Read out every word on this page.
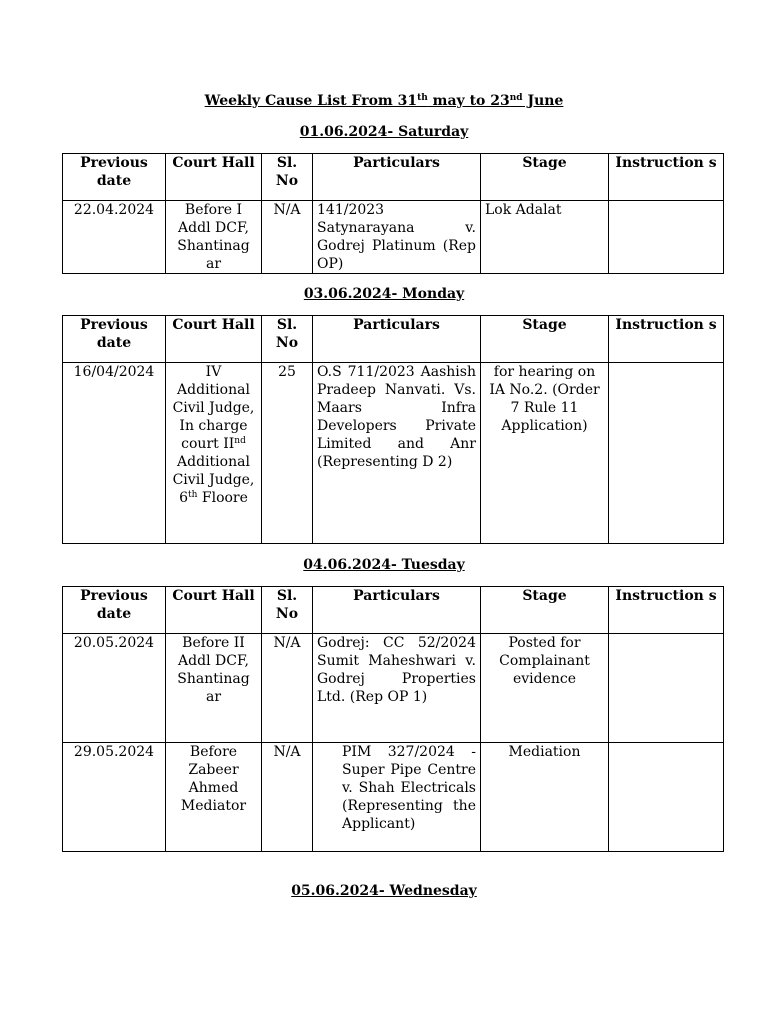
Weekly Cause List From 31th may to 23nd June
01.06.2024- Saturday
Previous date	Court Hall	Sl. No	Particulars	Stage	Instruction s
22.04.2024	Before I Addl DCF, Shantinag ar	N/A	141/2023 Satynarayana v. Godrej Platinum (Rep OP)	Lok Adalat	
03.06.2024- Monday
Previous date	Court Hall	Sl. No	Particulars	Stage	Instruction s
16/04/2024	IV Additional Civil Judge, In charge court IInd Additional Civil Judge, 6th Floore	25	O.S 711/2023 Aashish Pradeep Nanvati. Vs. Maars Infra Developers Private Limited and Anr (Representing D 2)	for hearing on IA No.2. (Order 7 Rule 11 Application)	
04.06.2024- Tuesday
Previous date	Court Hall	Sl. No	Particulars	Stage	Instruction s
20.05.2024	Before II Addl DCF, Shantinag ar	N/A	Godrej: CC 52/2024 Sumit Maheshwari v. Godrej Properties Ltd. (Rep OP 1)	Posted for Complainant evidence	
29.05.2024	Before Zabeer Ahmed Mediator	N/A	PIM 327/2024 - Super Pipe Centre v. Shah Electricals (Representing the Applicant)	Mediation	
05.06.2024- Wednesday
